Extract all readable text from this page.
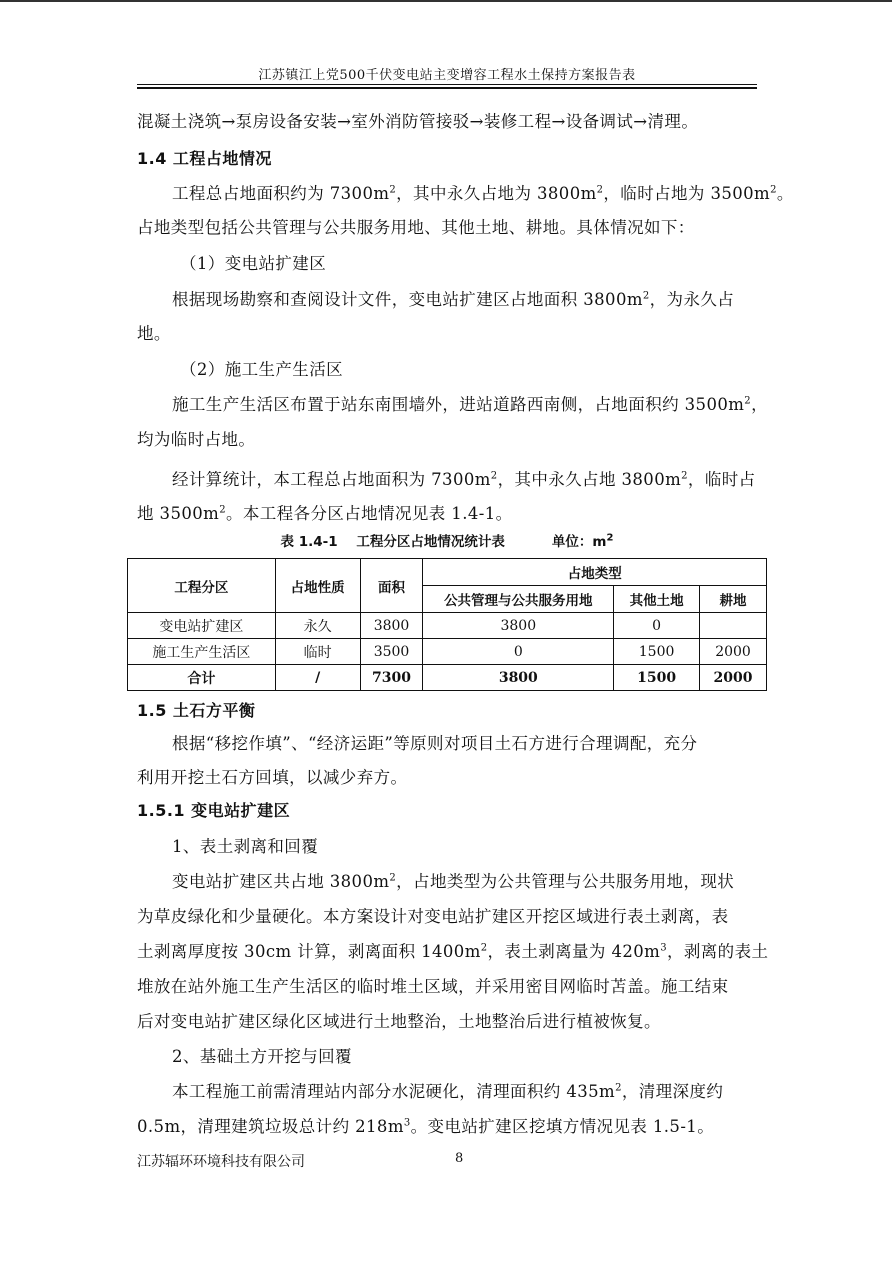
江苏镇江上党500千伏变电站主变增容工程水土保持方案报告表
混凝土浇筑→泵房设备安装→室外消防管接驳→装修工程→设备调试→清理。
1.4 工程占地情况
工程总占地面积约为 $7300m^2$，其中永久占地为 $3800m^2$，临时占地为 $3500m^2$。
占地类型包括公共管理与公共服务用地、其他土地、耕地。具体情况如下：
（1）变电站扩建区
根据现场勘察和查阅设计文件，变电站扩建区占地面积 $3800m^2$，为永久占
地。
（2）施工生产生活区
施工生产生活区布置于站东南围墙外，进站道路西南侧，占地面积约 $3500m^2$，
均为临时占地。
经计算统计，本工程总占地面积为 $7300m^2$，其中永久占地 $3800m^2$，临时占
地 $3500m^2$。本工程各分区占地情况见表 1.4-1。
表 1.4-1    工程分区占地情况统计表          单位：$m^2$
工程分区	占地性质	面积	占地类型		
			公共管理与公共服务用地	其他土地	耕地
变电站扩建区	永久	3800	3800	0	
施工生产生活区	临时	3500	0	1500	2000
合计	/	7300	3800	1500	2000
1.5 土石方平衡
根据“移挖作填”、“经济运距”等原则对项目土石方进行合理调配，充分
利用开挖土石方回填，以减少弃方。
1.5.1 变电站扩建区
1、表土剥离和回覆
变电站扩建区共占地 $3800m^2$，占地类型为公共管理与公共服务用地，现状
为草皮绿化和少量硬化。本方案设计对变电站扩建区开挖区域进行表土剥离，表
土剥离厚度按 30cm 计算，剥离面积 $1400m^2$，表土剥离量为 $420m^3$，剥离的表土
堆放在站外施工生产生活区的临时堆土区域，并采用密目网临时苫盖。施工结束
后对变电站扩建区绿化区域进行土地整治，土地整治后进行植被恢复。
2、基础土方开挖与回覆
本工程施工前需清理站内部分水泥硬化，清理面积约 $435m^2$，清理深度约
0.5m，清理建筑垃圾总计约 $218m^3$。变电站扩建区挖填方情况见表 1.5-1。
江苏辐环环境科技有限公司	8
